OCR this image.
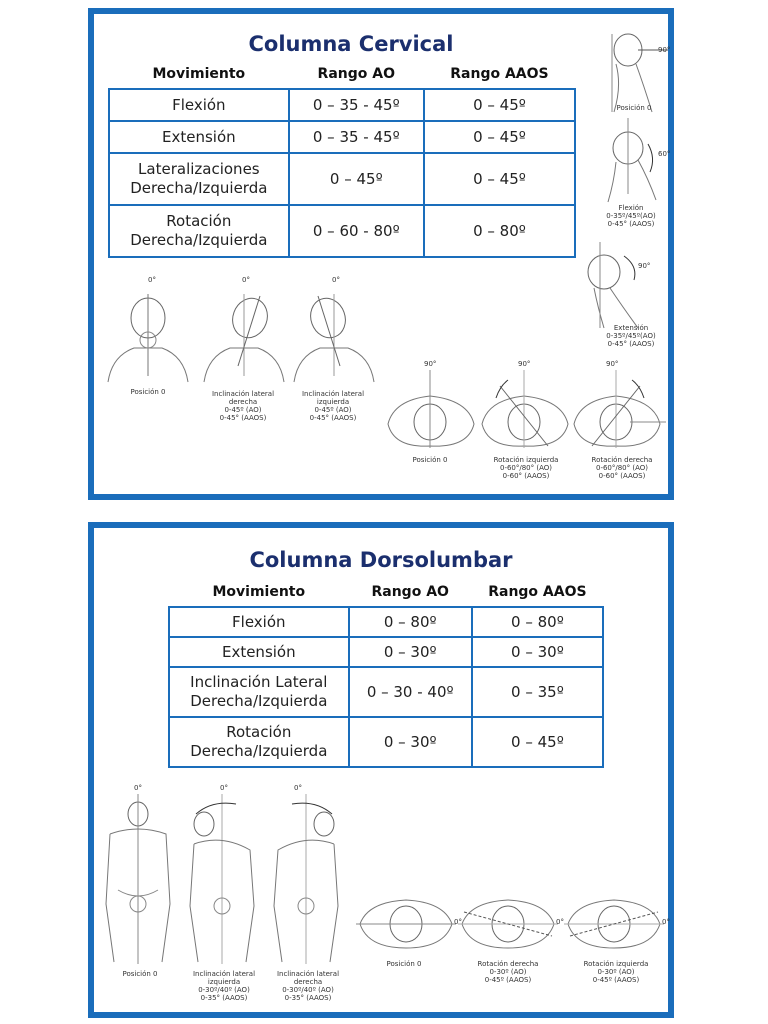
Columna Cervical
Movimiento	Rango AO	Rango AAOS
Flexión	0 – 35 - 45º	0 – 45º
Extensión	0 – 35 - 45º	0 – 45º
Lateralizaciones
Derecha/Izquierda	0 – 45º	0 – 45º
Rotación
Derecha/Izquierda	0 – 60 - 80º	0 – 80º
90°
Posición 0
60°
Flexión
0-35º/45º(AO)
0-45° (AAOS)
90°
Extensión
0-35º/45º(AO)
0-45° (AAOS)
0°
Posición 0
0°
Inclinación lateral
derecha
0-45º (AO)
0-45° (AAOS)
0°
Inclinación lateral
izquierda
0-45º (AO)
0-45° (AAOS)
90°
Posición 0
90°
Rotación izquierda
0-60°/80° (AO)
0-60° (AAOS)
90°
Rotación derecha
0-60°/80° (AO)
0-60° (AAOS)
Columna Dorsolumbar
Movimiento	Rango AO	Rango AAOS
Flexión	0 – 80º	0 – 80º
Extensión	0 – 30º	0 – 30º
Inclinación Lateral
Derecha/Izquierda	0 – 30 - 40º	0 – 35º
Rotación
Derecha/Izquierda	0 – 30º	0 – 45º
0°
Posición 0
0°
Inclinación lateral
izquierda
0-30º/40º (AO)
0-35° (AAOS)
0°
Inclinación lateral
derecha
0-30º/40º (AO)
0-35° (AAOS)
Posición 0
0°
Rotación derecha
0-30º (AO)
0-45º (AAOS)
0°	0°
Rotación izquierda
0-30º (AO)
0-45º (AAOS)
